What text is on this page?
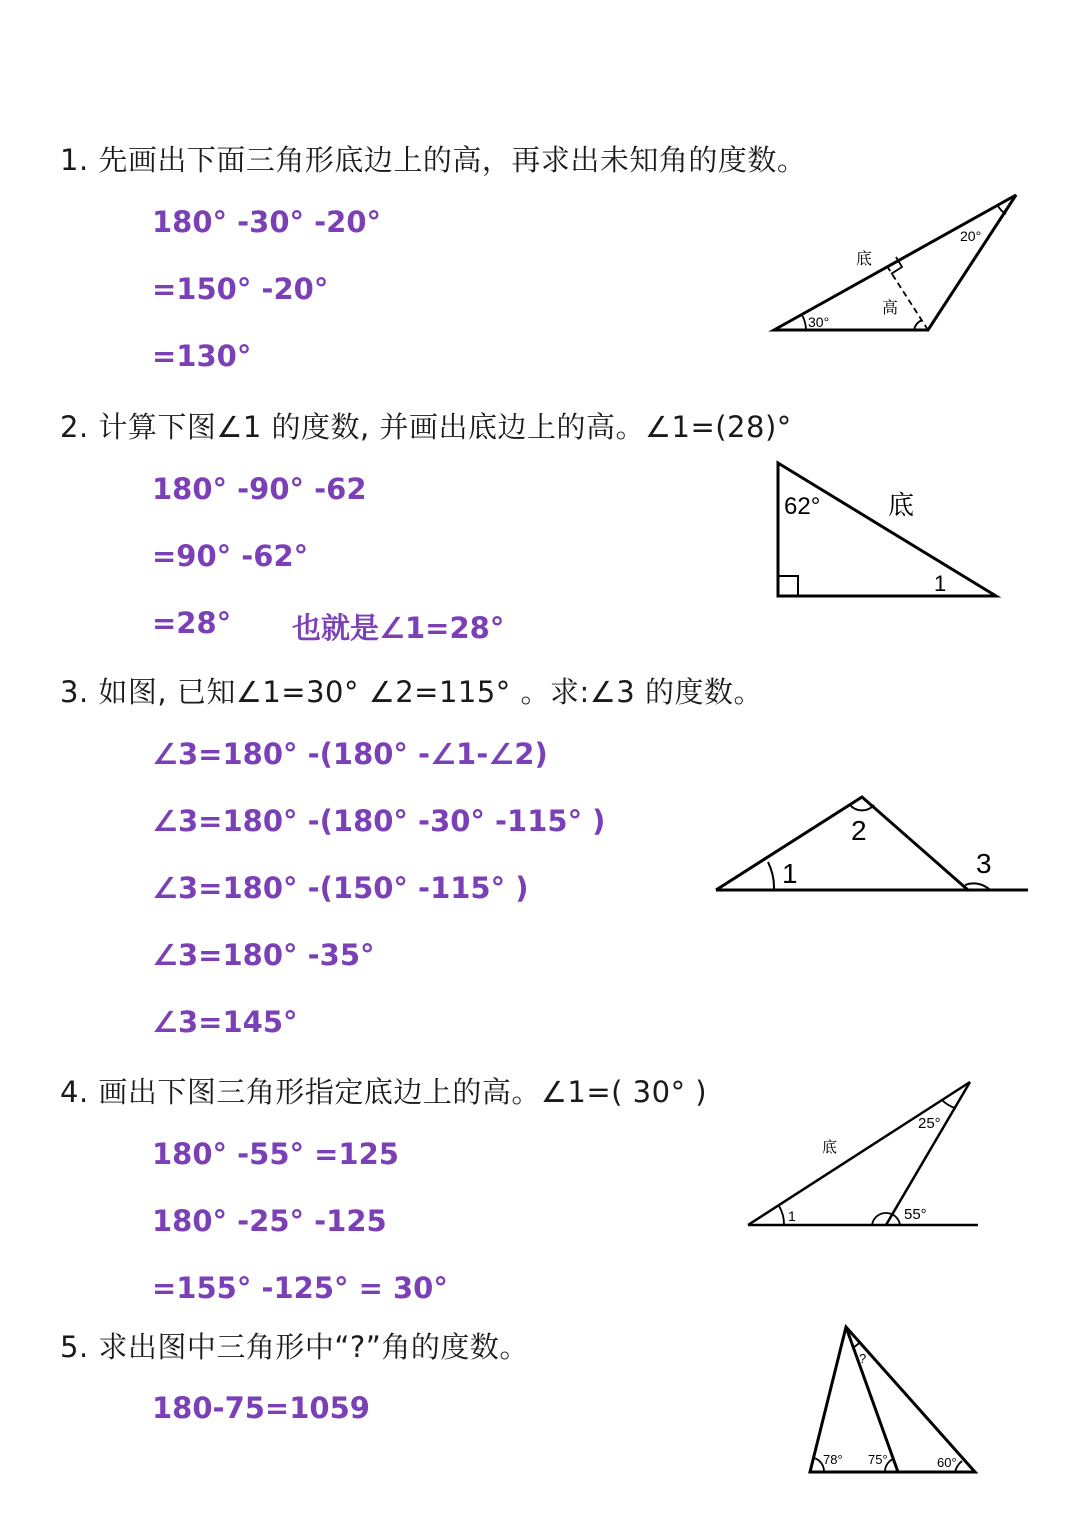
1. 先画出下面三角形底边上的高，再求出未知角的度数。
180° -30° -20°
=150° -20°
=130°
2. 计算下图∠1 的度数, 并画出底边上的高。∠1=(28)°
180° -90° -62
=90° -62°
=28° 也就是∠1=28°
3. 如图, 已知∠1=30° ∠2=115° 。求:∠3 的度数。
∠3=180° -(180° -∠1-∠2)
∠3=180° -(180° -30° -115° )
∠3=180° -(150° -115° )
∠3=180° -35°
∠3=145°
4. 画出下图三角形指定底边上的高。∠1=( 30° )
180° -55° =125
180° -25° -125
=155° -125° = 30°
5. 求出图中三角形中“?”角的度数。
180-75=1059
底
高
30°
20°
62°	底
1
1
2
3
底
25°
55°
1
?
78° 75°	60°
